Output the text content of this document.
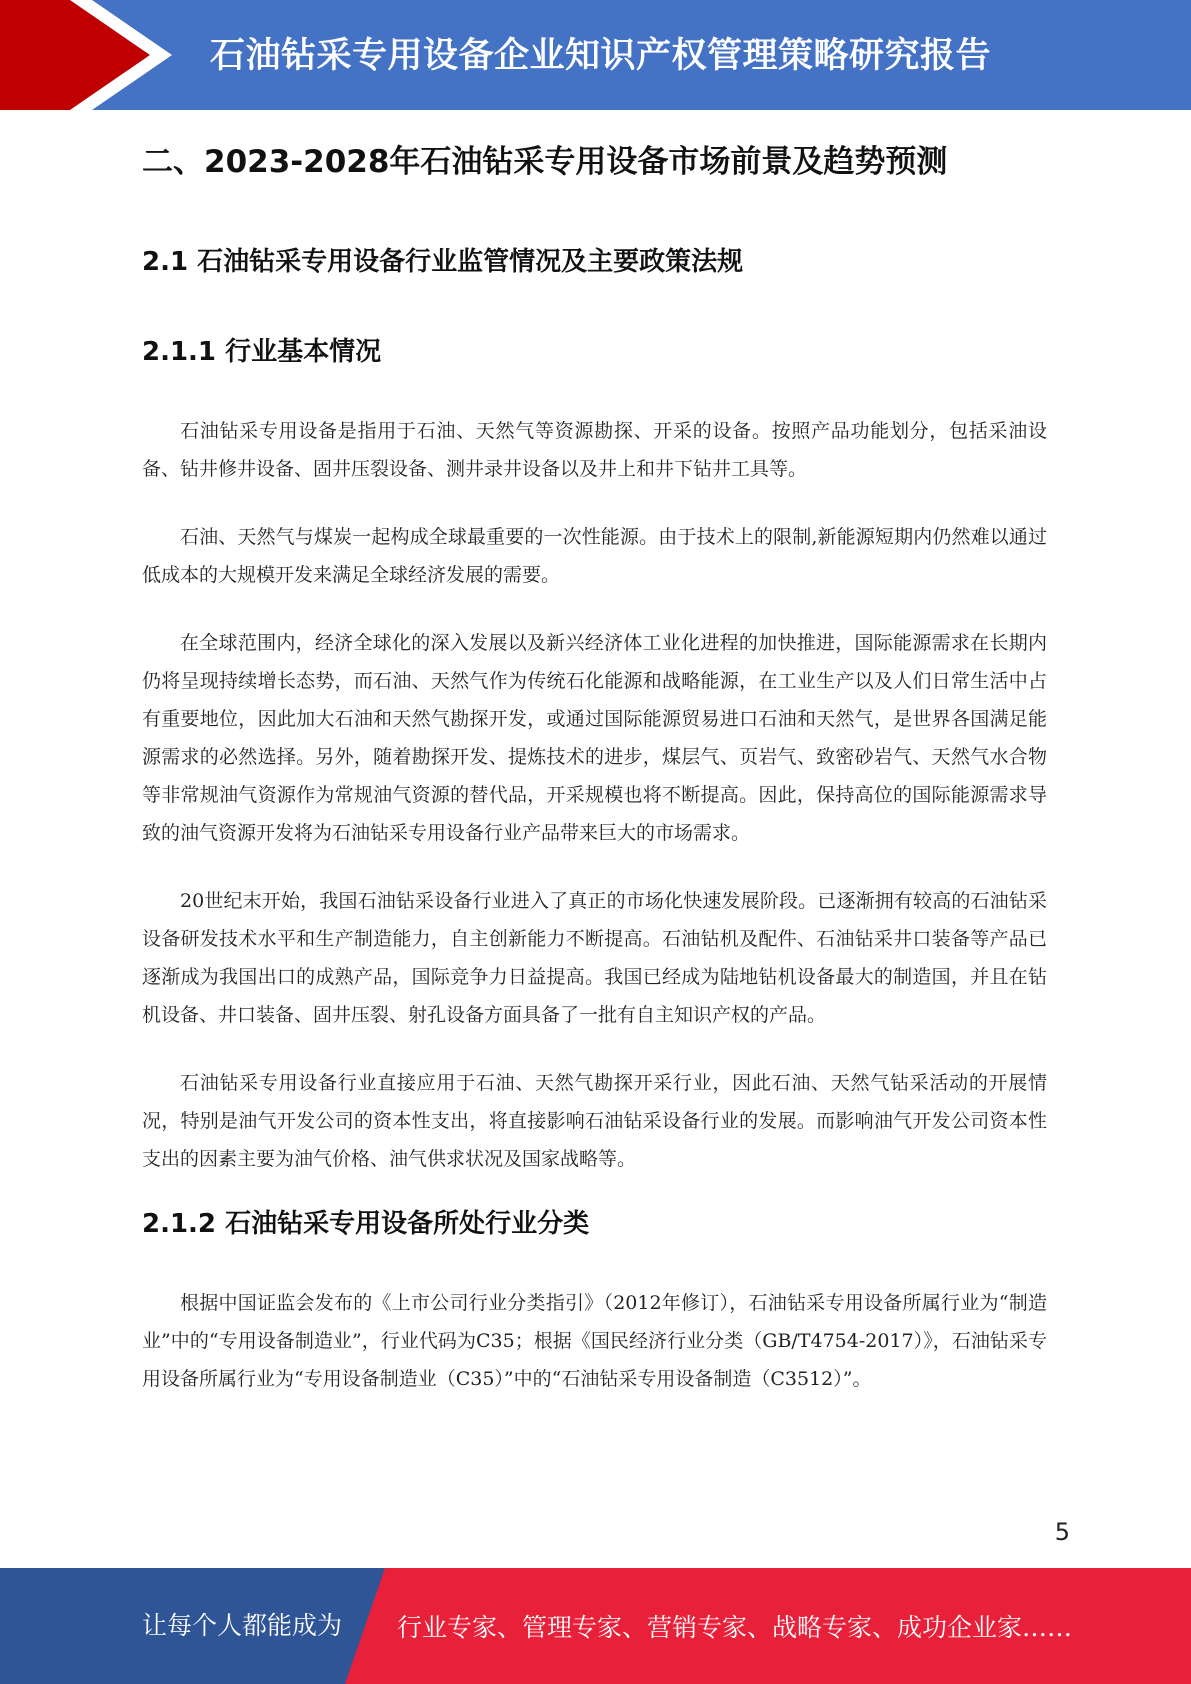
石油钻采专用设备企业知识产权管理策略研究报告
二、2023-2028年石油钻采专用设备市场前景及趋势预测
2.1 石油钻采专用设备行业监管情况及主要政策法规
2.1.1 行业基本情况

石油钻采专用设备是指用于石油、天然气等资源勘探、开采的设备。按照产品功能划分，包括采油设备、钻井修井设备、固井压裂设备、测井录井设备以及井上和井下钻井工具等。

石油、天然气与煤炭一起构成全球最重要的一次性能源。由于技术上的限制,新能源短期内仍然难以通过低成本的大规模开发来满足全球经济发展的需要。

在全球范围内，经济全球化的深入发展以及新兴经济体工业化进程的加快推进，国际能源需求在长期内仍将呈现持续增长态势，而石油、天然气作为传统石化能源和战略能源，在工业生产以及人们日常生活中占有重要地位，因此加大石油和天然气勘探开发，或通过国际能源贸易进口石油和天然气，是世界各国满足能源需求的必然选择。另外，随着勘探开发、提炼技术的进步，煤层气、页岩气、致密砂岩气、天然气水合物等非常规油气资源作为常规油气资源的替代品，开采规模也将不断提高。因此，保持高位的国际能源需求导致的油气资源开发将为石油钻采专用设备行业产品带来巨大的市场需求。

20世纪末开始，我国石油钻采设备行业进入了真正的市场化快速发展阶段。已逐渐拥有较高的石油钻采设备研发技术水平和生产制造能力，自主创新能力不断提高。石油钻机及配件、石油钻采井口装备等产品已逐渐成为我国出口的成熟产品，国际竞争力日益提高。我国已经成为陆地钻机设备最大的制造国，并且在钻机设备、井口装备、固井压裂、射孔设备方面具备了一批有自主知识产权的产品。

石油钻采专用设备行业直接应用于石油、天然气勘探开采行业，因此石油、天然气钻采活动的开展情况，特别是油气开发公司的资本性支出，将直接影响石油钻采设备行业的发展。而影响油气开发公司资本性支出的因素主要为油气价格、油气供求状况及国家战略等。

2.1.2 石油钻采专用设备所处行业分类

根据中国证监会发布的《上市公司行业分类指引》（2012年修订），石油钻采专用设备所属行业为“制造业”中的“专用设备制造业”，行业代码为C35；根据《国民经济行业分类（GB/T4754-2017）》，石油钻采专用设备所属行业为“专用设备制造业（C35）”中的“石油钻采专用设备制造（C3512）”。

5
让每个人都能成为 行业专家、管理专家、营销专家、战略专家、成功企业家……
